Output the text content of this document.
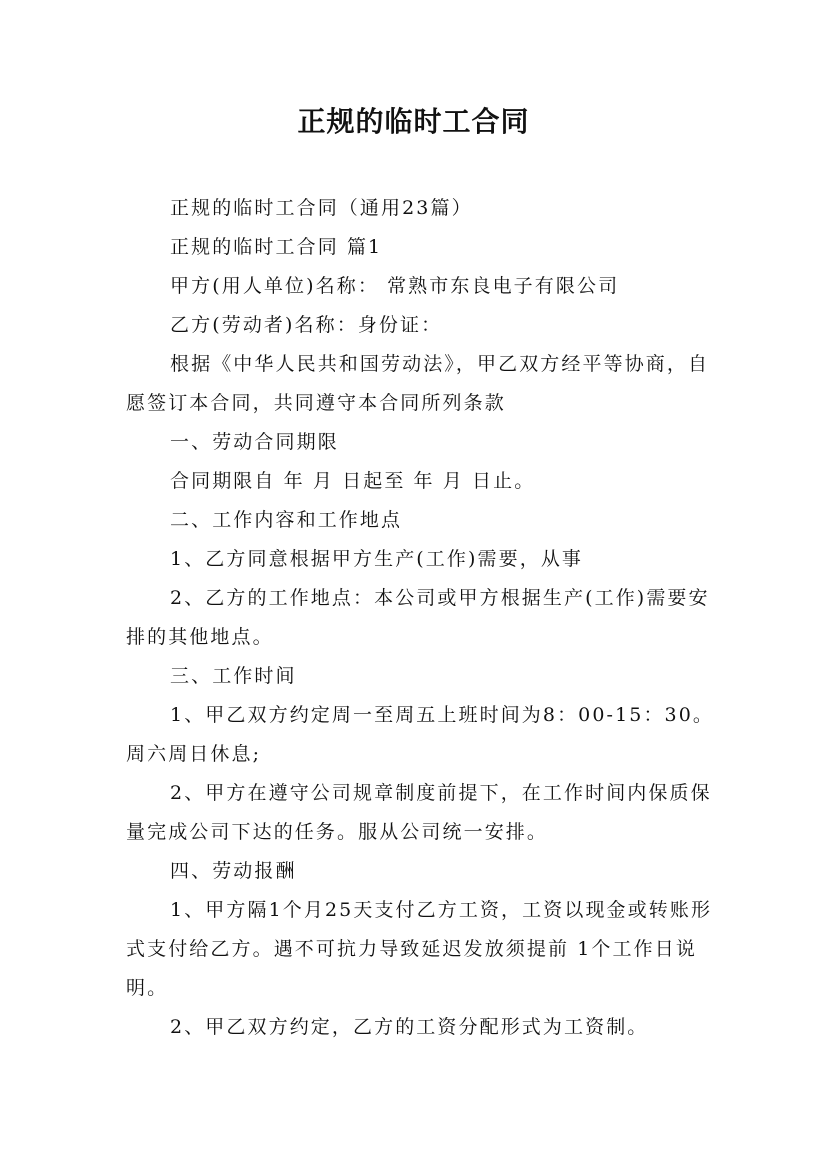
正规的临时工合同

正规的临时工合同（通用23篇）

正规的临时工合同 篇1

甲方(用人单位)名称： 常熟市东良电子有限公司

乙方(劳动者)名称：身份证：

根据《中华人民共和国劳动法》，甲乙双方经平等协商，自愿签订本合同，共同遵守本合同所列条款

一、劳动合同期限

合同期限自 年 月 日起至 年 月 日止。

二、工作内容和工作地点

1、乙方同意根据甲方生产(工作)需要，从事

2、乙方的工作地点：本公司或甲方根据生产(工作)需要安排的其他地点。

三、工作时间

1、甲乙双方约定周一至周五上班时间为8：00-15：30。周六周日休息;

2、甲方在遵守公司规章制度前提下，在工作时间内保质保量完成公司下达的任务。服从公司统一安排。

四、劳动报酬

1、甲方隔1个月25天支付乙方工资，工资以现金或转账形式支付给乙方。遇不可抗力导致延迟发放须提前 1个工作日说明。

2、甲乙双方约定，乙方的工资分配形式为工资制。
